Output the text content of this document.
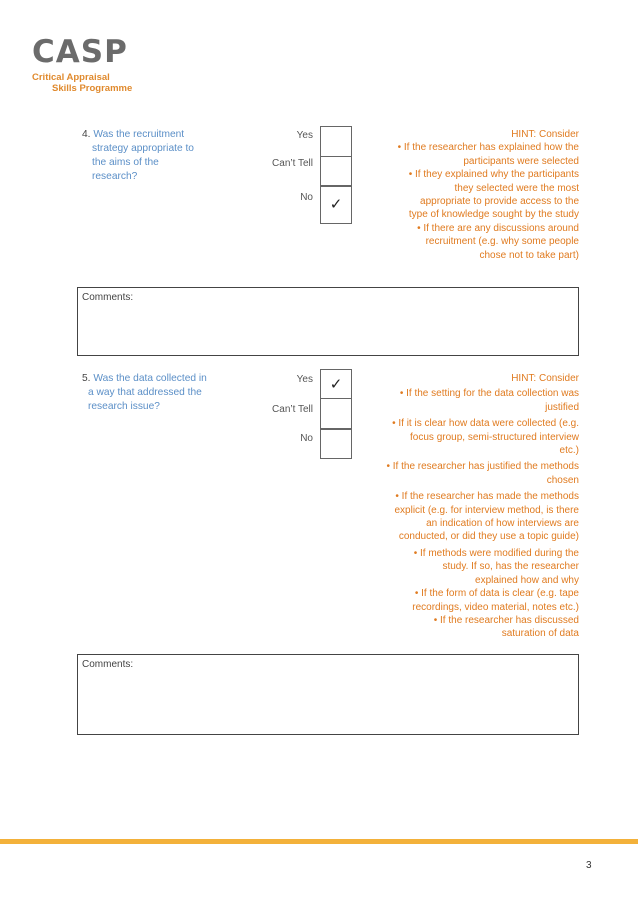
CASP
Critical Appraisal
Skills Programme
4. Was the recruitment
strategy appropriate to
the aims of the
research?
Yes
Can’t Tell
No	✓
HINT: Consider
• If the researcher has explained how the
participants were selected
• If they explained why the participants
they selected were the most
appropriate to provide access to the
type of knowledge sought by the study
• If there are any discussions around
recruitment (e.g. why some people
chose not to take part)
Comments:
5. Was the data collected in
a way that addressed the
research issue?
Yes
Can’t Tell
No
✓	HINT: Consider
• If the setting for the data collection was
justified
• If it is clear how data were collected (e.g.
focus group, semi-structured interview
etc.)
• If the researcher has justified the methods
chosen
• If the researcher has made the methods
explicit (e.g. for interview method, is there
an indication of how interviews are
conducted, or did they use a topic guide)
• If methods were modified during the
study. If so, has the researcher
explained how and why
• If the form of data is clear (e.g. tape
recordings, video material, notes etc.)
• If the researcher has discussed
saturation of data
Comments:
3
